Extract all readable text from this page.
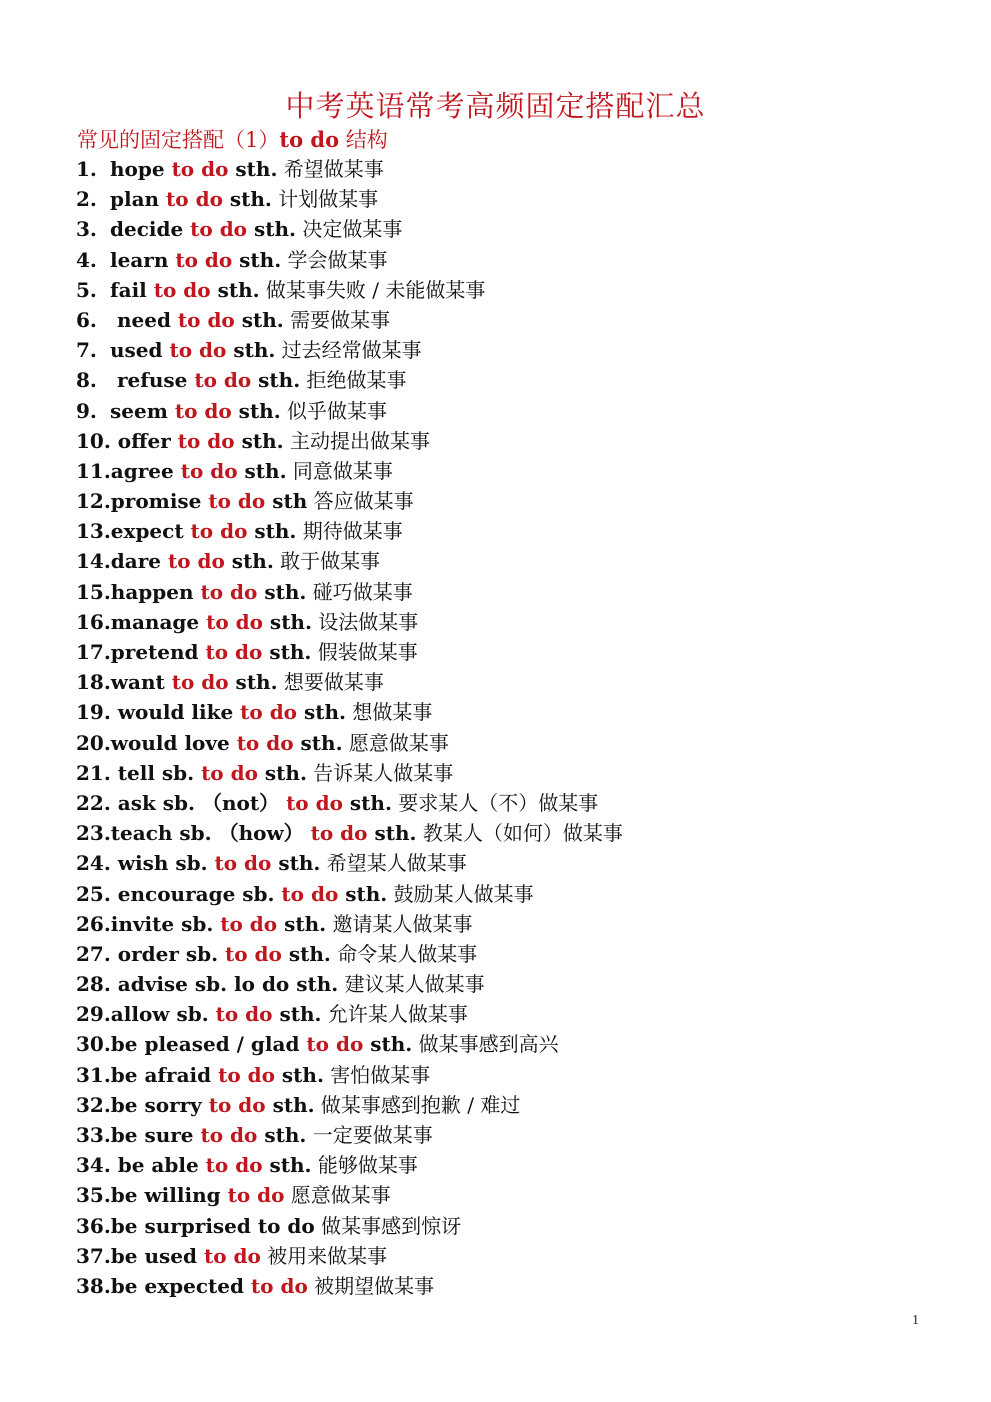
中考英语常考高频固定搭配汇总
常见的固定搭配（1）to do 结构
1. hope to do sth. 希望做某事
2. plan to do sth. 计划做某事
3. decide to do sth. 决定做某事
4. learn to do sth. 学会做某事
5. fail to do sth. 做某事失败 / 未能做某事
6. need to do sth. 需要做某事
7. used to do sth. 过去经常做某事
8. refuse to do sth. 拒绝做某事
9. seem to do sth. 似乎做某事
10. offer to do sth. 主动提出做某事
11.agree to do sth. 同意做某事
12.promise to do sth 答应做某事
13.expect to do sth. 期待做某事
14.dare to do sth. 敢于做某事
15.happen to do sth. 碰巧做某事
16.manage to do sth. 设法做某事
17.pretend to do sth. 假装做某事
18.want to do sth. 想要做某事
19. would like to do sth. 想做某事
20.would love to do sth. 愿意做某事
21. tell sb. to do sth. 告诉某人做某事
22. ask sb. （not） to do sth. 要求某人（不）做某事
23.teach sb. （how） to do sth. 教某人（如何）做某事
24. wish sb. to do sth. 希望某人做某事
25. encourage sb. to do sth. 鼓励某人做某事
26.invite sb. to do sth. 邀请某人做某事
27. order sb. to do sth. 命令某人做某事
28. advise sb. lo do sth. 建议某人做某事
29.allow sb. to do sth. 允许某人做某事
30.be pleased / glad to do sth. 做某事感到高兴
31.be afraid to do sth. 害怕做某事
32.be sorry to do sth. 做某事感到抱歉 / 难过
33.be sure to do sth. 一定要做某事
34. be able to do sth. 能够做某事
35.be willing to do 愿意做某事
36.be surprised to do 做某事感到惊讶
37.be used to do 被用来做某事
38.be expected to do 被期望做某事
1
